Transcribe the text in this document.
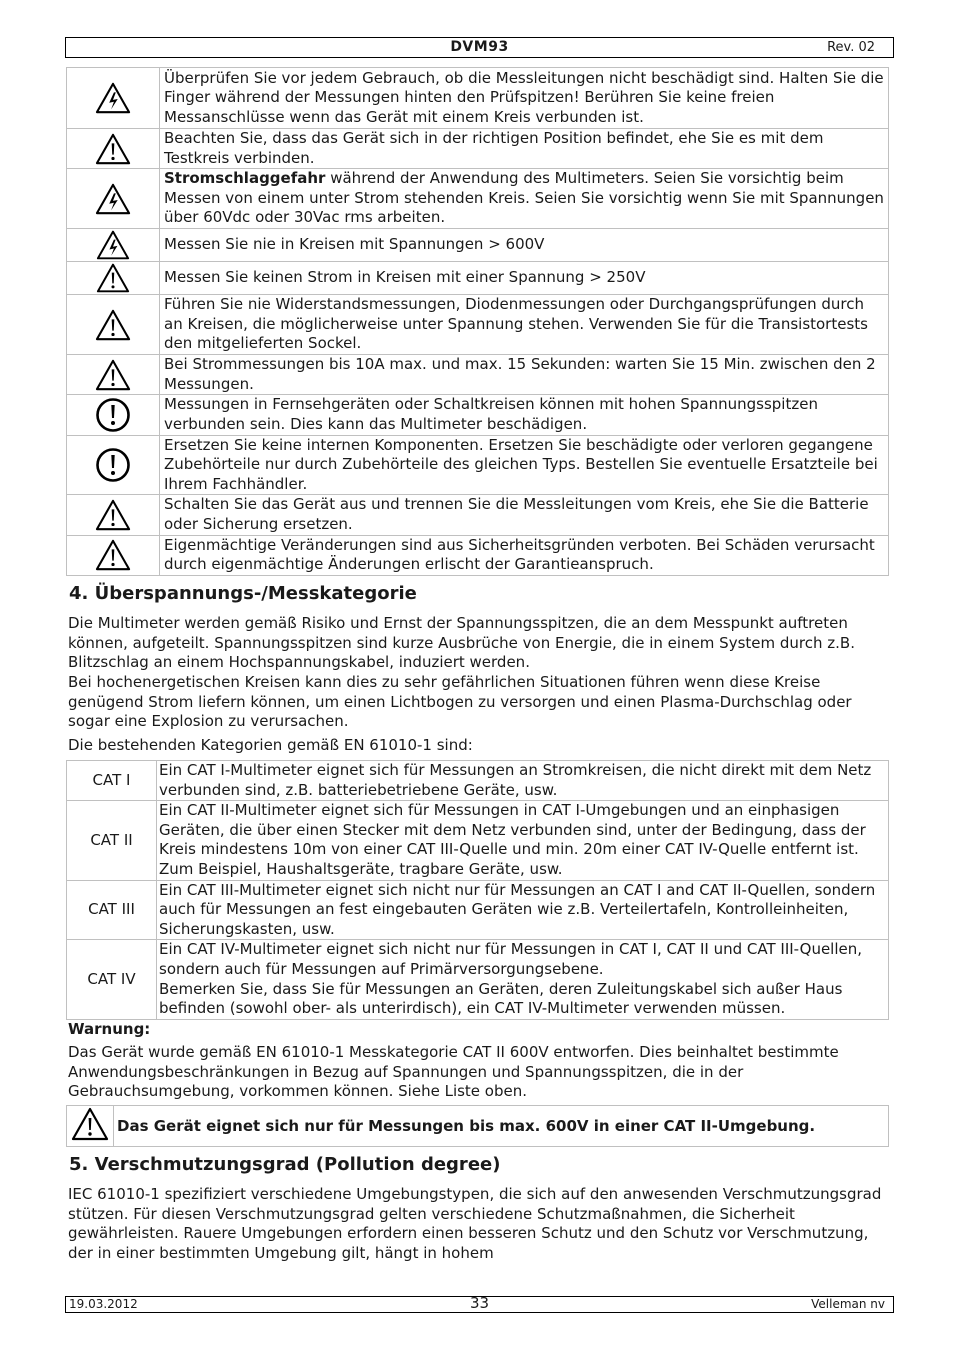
DVM93	Rev. 02
	Überprüfen Sie vor jedem Gebrauch, ob die Messleitungen nicht beschädigt sind. Halten Sie die Finger während der Messungen hinten den Prüfspitzen! Berühren Sie keine freien Messanschlüsse wenn das Gerät mit einem Kreis verbunden ist.

	Beachten Sie, dass das Gerät sich in der richtigen Position befindet, ehe Sie es mit dem Testkreis verbinden.

	Stromschlaggefahr während der Anwendung des Multimeters. Seien Sie vorsichtig beim Messen von einem unter Strom stehenden Kreis. Seien Sie vorsichtig wenn Sie mit Spannungen über 60Vdc oder 30Vac rms arbeiten.

	Messen Sie nie in Kreisen mit Spannungen > 600V

	Messen Sie keinen Strom in Kreisen mit einer Spannung > 250V

	Führen Sie nie Widerstandsmessungen, Diodenmessungen oder Durchgangsprüfungen durch an Kreisen, die möglicherweise unter Spannung stehen. Verwenden Sie für die Transistortests den mitgelieferten Sockel.

	Bei Strommessungen bis 10A max. und max. 15 Sekunden: warten Sie 15 Min. zwischen den 2 Messungen.

	Messungen in Fernsehgeräten oder Schaltkreisen können mit hohen Spannungsspitzen verbunden sein. Dies kann das Multimeter beschädigen.

	Ersetzen Sie keine internen Komponenten. Ersetzen Sie beschädigte oder verloren gegangene Zubehörteile nur durch Zubehörteile des gleichen Typs. Bestellen Sie eventuelle Ersatzteile bei Ihrem Fachhändler.

	Schalten Sie das Gerät aus und trennen Sie die Messleitungen vom Kreis, ehe Sie die Batterie oder Sicherung ersetzen.

	Eigenmächtige Veränderungen sind aus Sicherheitsgründen verboten. Bei Schäden verursacht durch eigenmächtige Änderungen erlischt der Garantieanspruch.
4. Überspannungs-/Messkategorie

Die Multimeter werden gemäß Risiko und Ernst der Spannungsspitzen, die an dem Messpunkt auftreten können, aufgeteilt. Spannungsspitzen sind kurze Ausbrüche von Energie, die in einem System durch z.B. Blitzschlag an einem Hochspannungskabel, induziert werden.

Bei hochenergetischen Kreisen kann dies zu sehr gefährlichen Situationen führen wenn diese Kreise genügend Strom liefern können, um einen Lichtbogen zu versorgen und einen Plasma-Durchschlag oder sogar eine Explosion zu verursachen.

Die bestehenden Kategorien gemäß EN 61010-1 sind:

CAT I	Ein CAT I-Multimeter eignet sich für Messungen an Stromkreisen, die nicht direkt mit dem Netz verbunden sind, z.B. batteriebetriebene Geräte, usw.
CAT II	Ein CAT II-Multimeter eignet sich für Messungen in CAT I-Umgebungen und an einphasigen Geräten, die über einen Stecker mit dem Netz verbunden sind, unter der Bedingung, dass der Kreis mindestens 10m von einer CAT III-Quelle und min. 20m einer CAT IV-Quelle entfernt ist. Zum Beispiel, Haushaltsgeräte, tragbare Geräte, usw.
CAT III	Ein CAT III-Multimeter eignet sich nicht nur für Messungen an CAT I and CAT II-Quellen, sondern auch für Messungen an fest eingebauten Geräten wie z.B. Verteilertafeln, Kontrolleinheiten, Sicherungskasten, usw.
CAT IV	Ein CAT IV-Multimeter eignet sich nicht nur für Messungen in CAT I, CAT II und CAT III-Quellen, sondern auch für Messungen auf Primärversorgungsebene.
Bemerken Sie, dass Sie für Messungen an Geräten, deren Zuleitungskabel sich außer Haus befinden (sowohl ober- als unterirdisch), ein CAT IV-Multimeter verwenden müssen.

Warnung:

Das Gerät wurde gemäß EN 61010-1 Messkategorie CAT II 600V entworfen. Dies beinhaltet bestimmte Anwendungsbeschränkungen in Bezug auf Spannungen und Spannungsspitzen, die in der Gebrauchsumgebung, vorkommen können. Siehe Liste oben.

	Das Gerät eignet sich nur für Messungen bis max. 600V in einer CAT II-Umgebung.
5. Verschmutzungsgrad (Pollution degree)

IEC 61010-1 spezifiziert verschiedene Umgebungstypen, die sich auf den anwesenden Verschmutzungsgrad stützen. Für diesen Verschmutzungsgrad gelten verschiedene Schutzmaßnahmen, die Sicherheit gewährleisten. Rauere Umgebungen erfordern einen besseren Schutz und den Schutz vor Verschmutzung, der in einer bestimmten Umgebung gilt, hängt in hohem

19.03.2012	33	Velleman nv
